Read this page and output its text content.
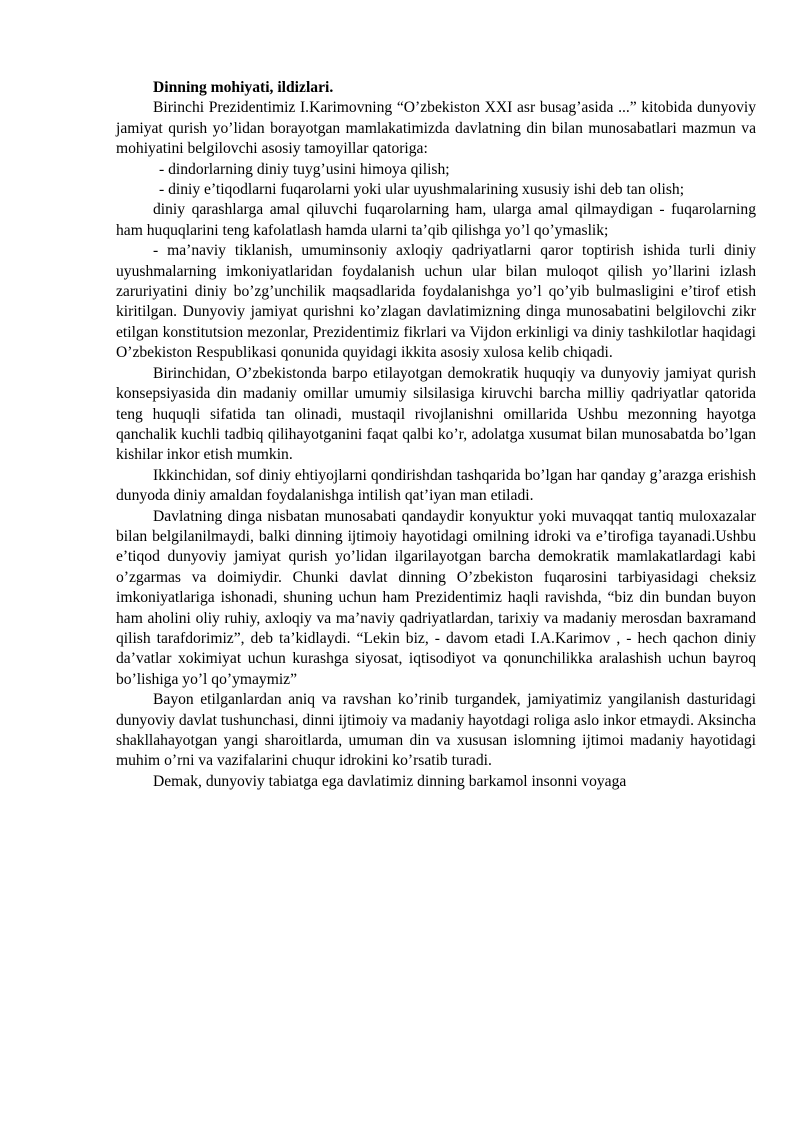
Dinning mohiyati, ildizlari.

Birinchi Prezidentimiz I.Karimovning “O’zbekiston XXI asr busag’asida ...” kitobida dunyoviy jamiyat qurish yo’lidan borayotgan mamlakatimizda davlatning din bilan munosabatlari mazmun va mohiyatini belgilovchi asosiy tamoyillar qatoriga:

- dindorlarning diniy tuyg’usini himoya qilish;

- diniy e’tiqodlarni fuqarolarni yoki ular uyushmalarining xususiy ishi deb tan olish;

diniy qarashlarga amal qiluvchi fuqarolarning ham, ularga amal qilmaydigan - fuqarolarning ham huquqlarini teng kafolatlash hamda ularni ta’qib qilishga yo’l qo’ymaslik;

- ma’naviy tiklanish, umuminsoniy axloqiy qadriyatlarni qaror toptirish ishida turli diniy uyushmalarning imkoniyatlaridan foydalanish uchun ular bilan muloqot qilish yo’llarini izlash zaruriyatini diniy bo’zg’unchilik maqsadlarida foydalanishga yo’l qo’yib bulmasligini e’tirof etish kiritilgan. Dunyoviy jamiyat qurishni ko’zlagan davlatimizning dinga munosabatini belgilovchi zikr etilgan konstitutsion mezonlar, Prezidentimiz fikrlari va Vijdon erkinligi va diniy tashkilotlar haqidagi O’zbekiston Respublikasi qonunida quyidagi ikkita asosiy xulosa kelib chiqadi.

Birinchidan, O’zbekistonda barpo etilayotgan demokratik huquqiy va dunyoviy jamiyat qurish konsepsiyasida din madaniy omillar umumiy silsilasiga kiruvchi barcha milliy qadriyatlar qatorida teng huquqli sifatida tan olinadi, mustaqil rivojlanishni omillarida Ushbu mezonning hayotga qanchalik kuchli tadbiq qilihayotganini faqat qalbi ko’r, adolatga xusumat bilan munosabatda bo’lgan kishilar inkor etish mumkin.

Ikkinchidan, sof diniy ehtiyojlarni qondirishdan tashqarida bo’lgan har qanday g’arazga erishish dunyoda diniy amaldan foydalanishga intilish qat’iyan man etiladi.

Davlatning dinga nisbatan munosabati qandaydir konyuktur yoki muvaqqat tantiq muloxazalar bilan belgilanilmaydi, balki dinning ijtimoiy hayotidagi omilning idroki va e’tirofiga tayanadi.Ushbu e’tiqod dunyoviy jamiyat qurish yo’lidan ilgarilayotgan barcha demokratik mamlakatlardagi kabi o’zgarmas va doimiydir. Chunki davlat dinning O’zbekiston fuqarosini tarbiyasidagi cheksiz imkoniyatlariga ishonadi, shuning uchun ham Prezidentimiz haqli ravishda, “biz din bundan buyon ham aholini oliy ruhiy, axloqiy va ma’naviy qadriyatlardan, tarixiy va madaniy merosdan baxramand qilish tarafdorimiz”, deb ta’kidlaydi. “Lekin biz, - davom etadi I.A.Karimov , - hech qachon diniy da’vatlar xokimiyat uchun kurashga siyosat, iqtisodiyot va qonunchilikka aralashish uchun bayroq bo’lishiga yo’l qo’ymaymiz”

Bayon etilganlardan aniq va ravshan ko’rinib turgandek, jamiyatimiz yangilanish dasturidagi dunyoviy davlat tushunchasi, dinni ijtimoiy va madaniy hayotdagi roliga aslo inkor etmaydi. Aksincha shakllahayotgan yangi sharoitlarda, umuman din va xususan islomning ijtimoi madaniy hayotidagi muhim o’rni va vazifalarini chuqur idrokini ko’rsatib turadi.

Demak, dunyoviy tabiatga ega davlatimiz dinning barkamol insonni voyaga
